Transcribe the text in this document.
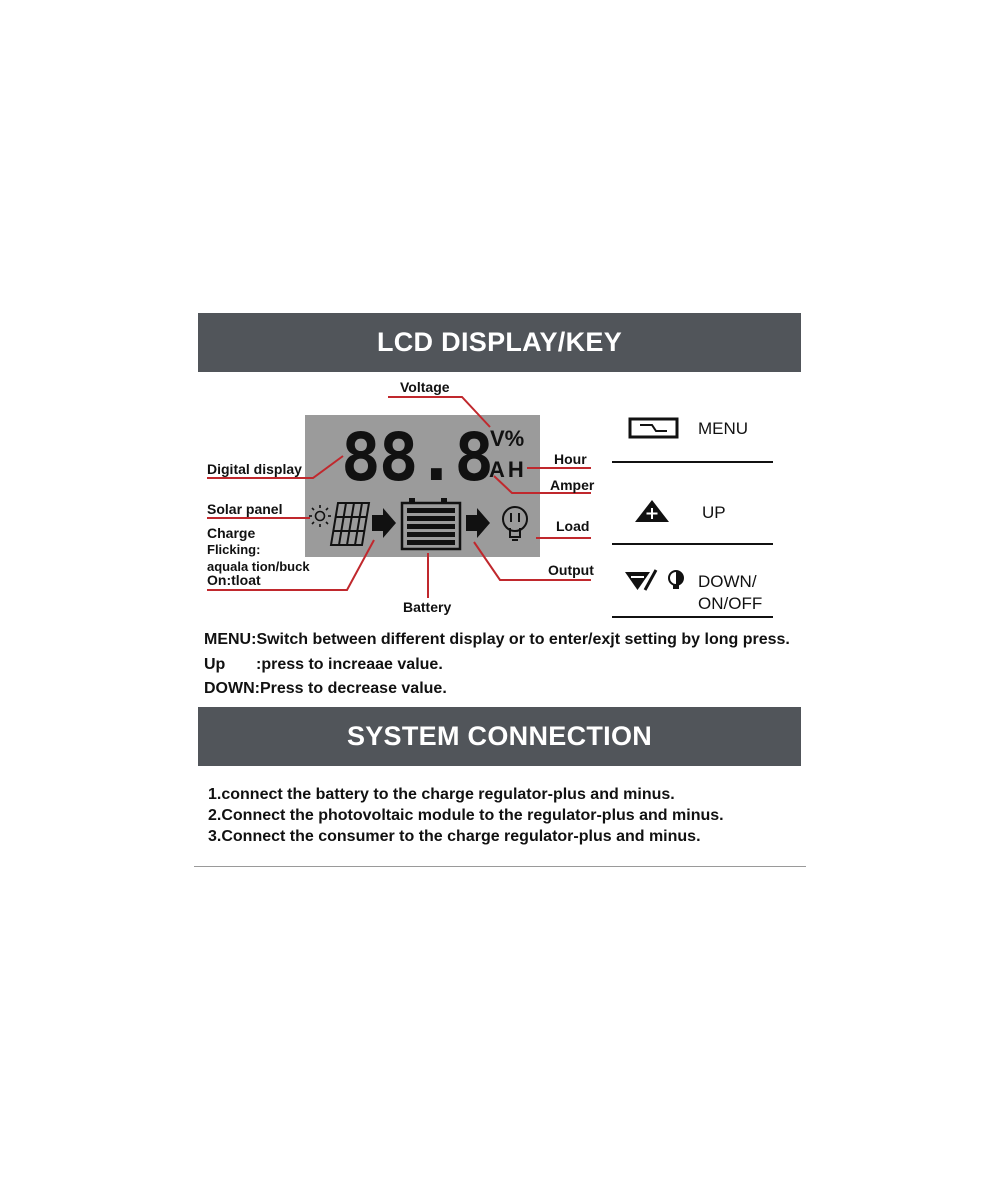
LCD DISPLAY/KEY
88.8
V%
AH
Voltage
Digital display
Hour
Amper
Solar panel
Charge
Flicking:
aquala tion/buck
On:tloat
Load
Output
Battery
MENU
UP
DOWN/
ON/OFF
MENU:Switch between different display or to enter/exjt setting by long press.
Up :press to increaae value.
DOWN:Press to decrease value.
SYSTEM CONNECTION
1.connect the battery to the charge regulator-plus and minus.
2.Connect the photovoltaic module to the regulator-plus and minus.
3.Connect the consumer to the charge regulator-plus and minus.
